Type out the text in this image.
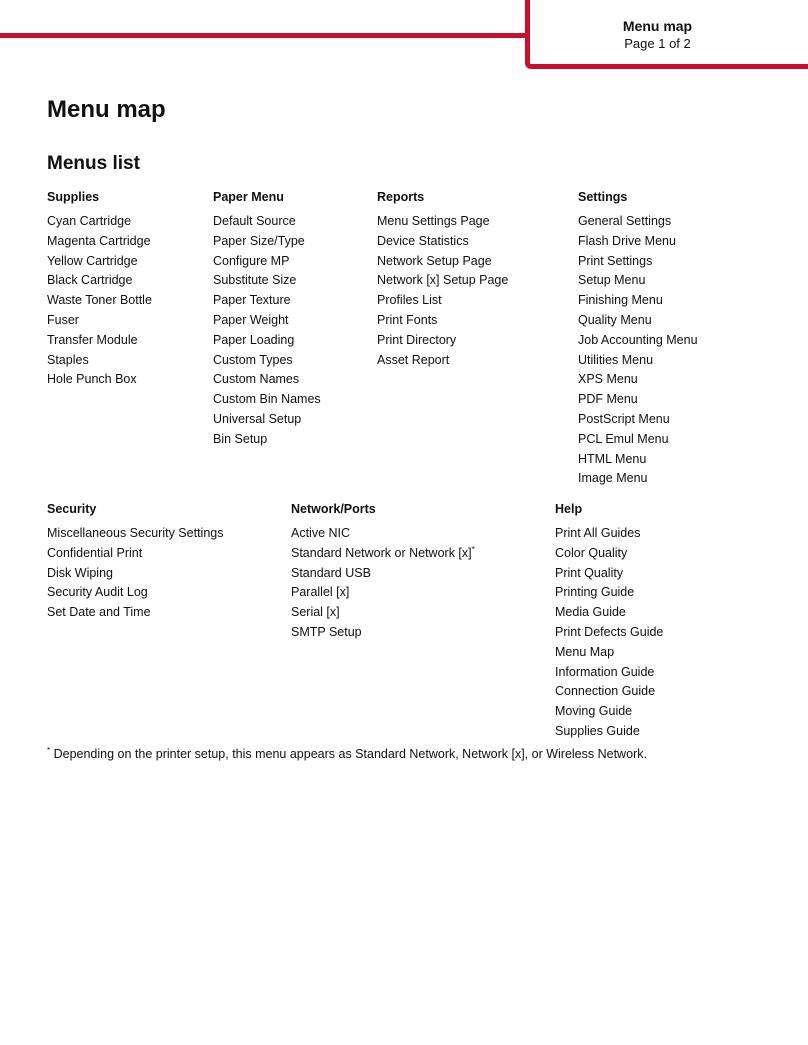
Menu map
Page 1 of 2
Menu map
Menus list
Supplies
Cyan Cartridge
Magenta Cartridge
Yellow Cartridge
Black Cartridge
Waste Toner Bottle
Fuser
Transfer Module
Staples
Hole Punch Box
Paper Menu
Default Source
Paper Size/Type
Configure MP
Substitute Size
Paper Texture
Paper Weight
Paper Loading
Custom Types
Custom Names
Custom Bin Names
Universal Setup
Bin Setup
Reports
Menu Settings Page
Device Statistics
Network Setup Page
Network [x] Setup Page
Profiles List
Print Fonts
Print Directory
Asset Report
Settings
General Settings
Flash Drive Menu
Print Settings
Setup Menu
Finishing Menu
Quality Menu
Job Accounting Menu
Utilities Menu
XPS Menu
PDF Menu
PostScript Menu
PCL Emul Menu
HTML Menu
Image Menu
Security
Miscellaneous Security Settings
Confidential Print
Disk Wiping
Security Audit Log
Set Date and Time
Network/Ports
Active NIC
Standard Network or Network [x]*
Standard USB
Parallel [x]
Serial [x]
SMTP Setup
Help
Print All Guides
Color Quality
Print Quality
Printing Guide
Media Guide
Print Defects Guide
Menu Map
Information Guide
Connection Guide
Moving Guide
Supplies Guide
* Depending on the printer setup, this menu appears as Standard Network, Network [x], or Wireless Network.
